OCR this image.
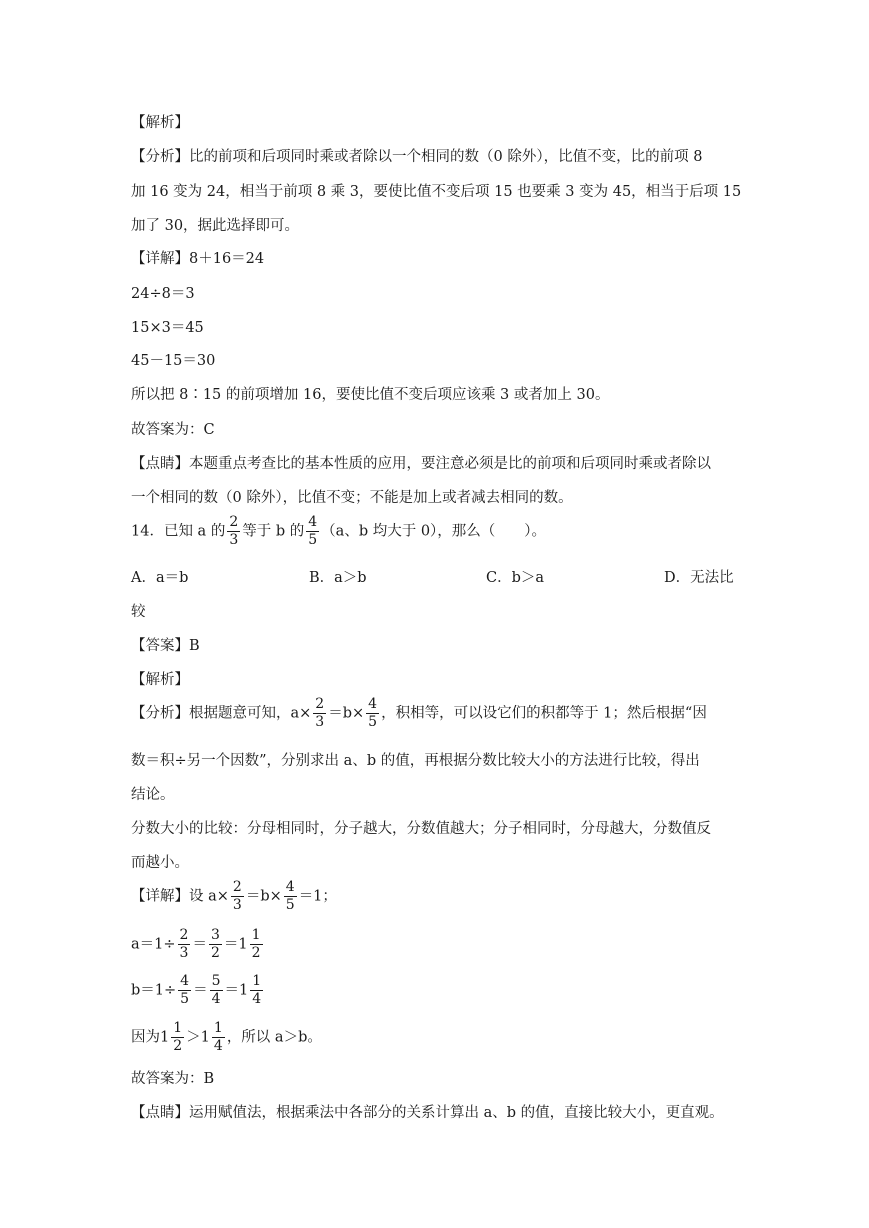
【解析】
【分析】比的前项和后项同时乘或者除以一个相同的数（0 除外），比值不变，比的前项 8
加 16 变为 24，相当于前项 8 乘 3，要使比值不变后项 15 也要乘 3 变为 45，相当于后项 15
加了 30，据此选择即可。
【详解】8＋16＝24
24÷8＝3
15×3＝45
45－15＝30
所以把 8∶15 的前项增加 16，要使比值不变后项应该乘 3 或者加上 30。
故答案为：C
【点睛】本题重点考查比的基本性质的应用，要注意必须是比的前项和后项同时乘或者除以
一个相同的数（0 除外），比值不变；不能是加上或者减去相同的数。
14．已知 a 的 $\frac{2}{3}$ 等于 b 的 $\frac{4}{5} (a$、b 均大于 0），那么（　　）。
A．a＝b	B．a＞b	C．b＞a	D．无法比
较
【答案】B
【解析】
【分析】根据题意可知，$a\times \frac{2}{3} =b\times \frac{4}{5}$ ，积相等，可以设它们的积都等于 1；然后根据“因
数＝积÷另一个因数”，分别求出 a、b 的值，再根据分数比较大小的方法进行比较，得出
结论。
分数大小的比较：分母相同时，分子越大，分数值越大；分子相同时，分母越大，分数值反
而越小。
【详解】设 $a\times \frac{2}{3} =b\times \frac{4}{5} =1$；
$a=1\div \frac{2}{3} = \frac{3}{2} =1 \frac{1}{2}$
$b=1\div \frac{4}{5} = \frac{5}{4} =1 \frac{1}{4}$
因为$1 \frac{1}{2} >1 \frac{1}{4}$ ，所以 a＞b。
故答案为：B
【点睛】运用赋值法，根据乘法中各部分的关系计算出 a、b 的值，直接比较大小，更直观。
